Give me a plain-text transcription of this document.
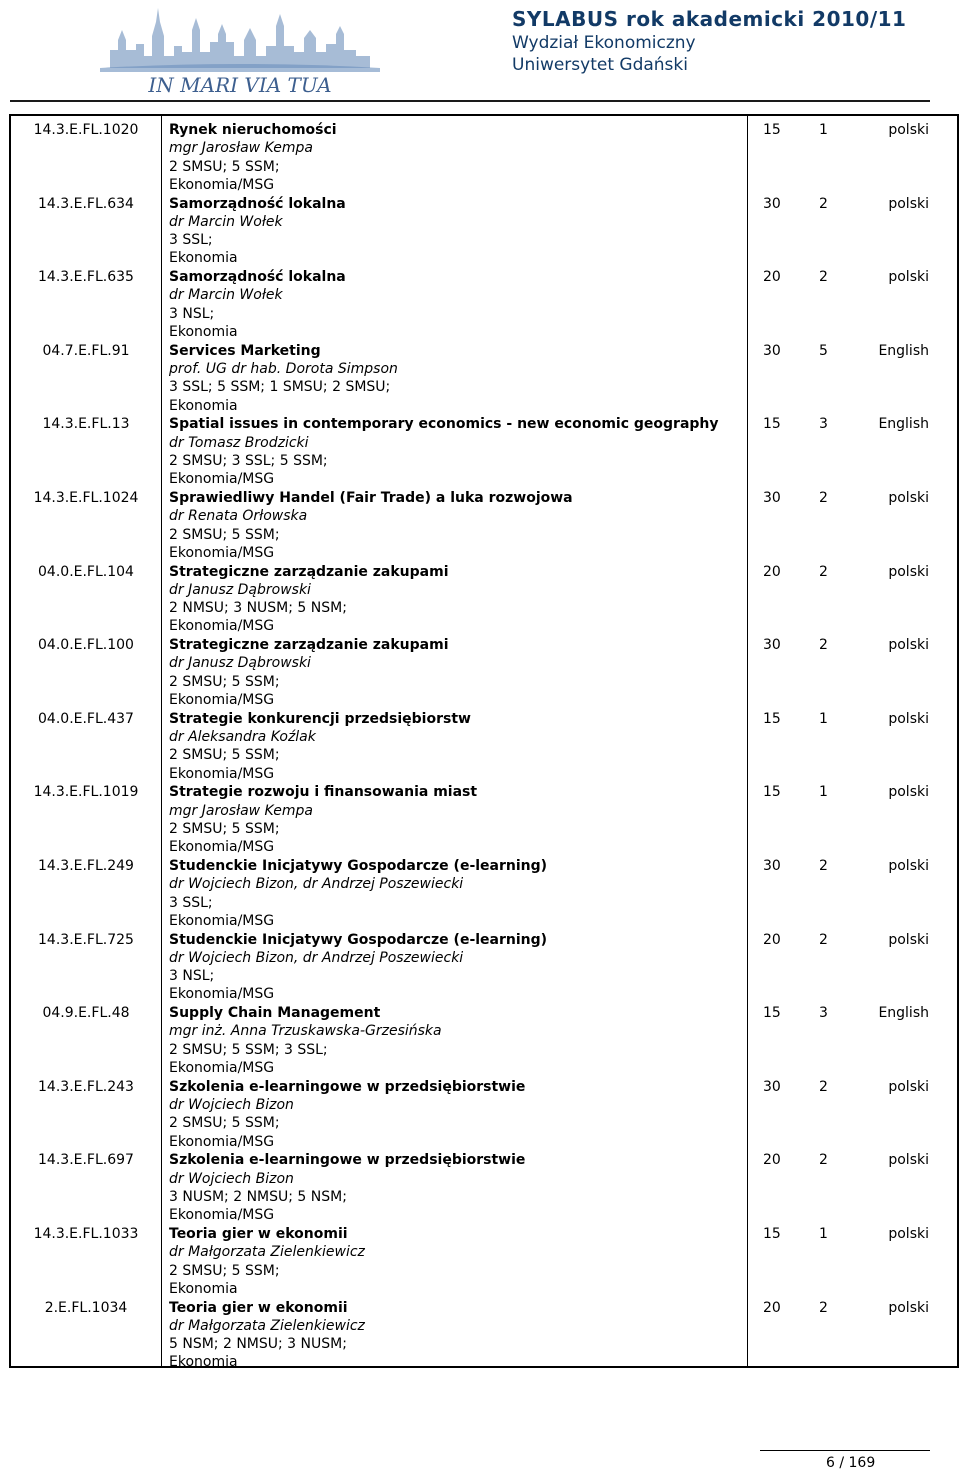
IN MARI VIA TUA
SYLABUS rok akademicki 2010/11
Wydział Ekonomiczny
Uniwersytet Gdański
14.3.E.FL.1020	Rynek nieruchomości
mgr Jarosław Kempa
2 SMSU; 5 SSM;
Ekonomia/MSG
15	1	polski
14.3.E.FL.634	Samorządność lokalna
dr Marcin Wołek
3 SSL;
Ekonomia
30	2	polski
14.3.E.FL.635	Samorządność lokalna
dr Marcin Wołek
3 NSL;
Ekonomia
20	2	polski
04.7.E.FL.91	Services Marketing
prof. UG dr hab. Dorota Simpson
3 SSL; 5 SSM; 1 SMSU; 2 SMSU;
Ekonomia
30	5	English
14.3.E.FL.13	Spatial issues in contemporary economics - new economic geography
dr Tomasz Brodzicki
2 SMSU; 3 SSL; 5 SSM;
Ekonomia/MSG
15	3	English
14.3.E.FL.1024	Sprawiedliwy Handel (Fair Trade) a luka rozwojowa
dr Renata Orłowska
2 SMSU; 5 SSM;
Ekonomia/MSG
30	2	polski
04.0.E.FL.104	Strategiczne zarządzanie zakupami
dr Janusz Dąbrowski
2 NMSU; 3 NUSM; 5 NSM;
Ekonomia/MSG
20	2	polski
04.0.E.FL.100	Strategiczne zarządzanie zakupami
dr Janusz Dąbrowski
2 SMSU; 5 SSM;
Ekonomia/MSG
30	2	polski
04.0.E.FL.437	Strategie konkurencji przedsiębiorstw
dr Aleksandra Koźlak
2 SMSU; 5 SSM;
Ekonomia/MSG
15	1	polski
14.3.E.FL.1019	Strategie rozwoju i finansowania miast
mgr Jarosław Kempa
2 SMSU; 5 SSM;
Ekonomia/MSG
15	1	polski
14.3.E.FL.249	Studenckie Inicjatywy Gospodarcze (e-learning)
dr Wojciech Bizon, dr Andrzej Poszewiecki
3 SSL;
Ekonomia/MSG
30	2	polski
14.3.E.FL.725	Studenckie Inicjatywy Gospodarcze (e-learning)
dr Wojciech Bizon, dr Andrzej Poszewiecki
3 NSL;
Ekonomia/MSG
20	2	polski
04.9.E.FL.48	Supply Chain Management
mgr inż. Anna Trzuskawska-Grzesińska
2 SMSU; 5 SSM; 3 SSL;
Ekonomia/MSG
15	3	English
14.3.E.FL.243	Szkolenia e-learningowe w przedsiębiorstwie
dr Wojciech Bizon
2 SMSU; 5 SSM;
Ekonomia/MSG
30	2	polski
14.3.E.FL.697	Szkolenia e-learningowe w przedsiębiorstwie
dr Wojciech Bizon
3 NUSM; 2 NMSU; 5 NSM;
Ekonomia/MSG
20	2	polski
14.3.E.FL.1033	Teoria gier w ekonomii
dr Małgorzata Zielenkiewicz
2 SMSU; 5 SSM;
Ekonomia
15	1	polski
2.E.FL.1034	Teoria gier w ekonomii
dr Małgorzata Zielenkiewicz
5 NSM; 2 NMSU; 3 NUSM;
Ekonomia
20	2	polski
6 / 169
